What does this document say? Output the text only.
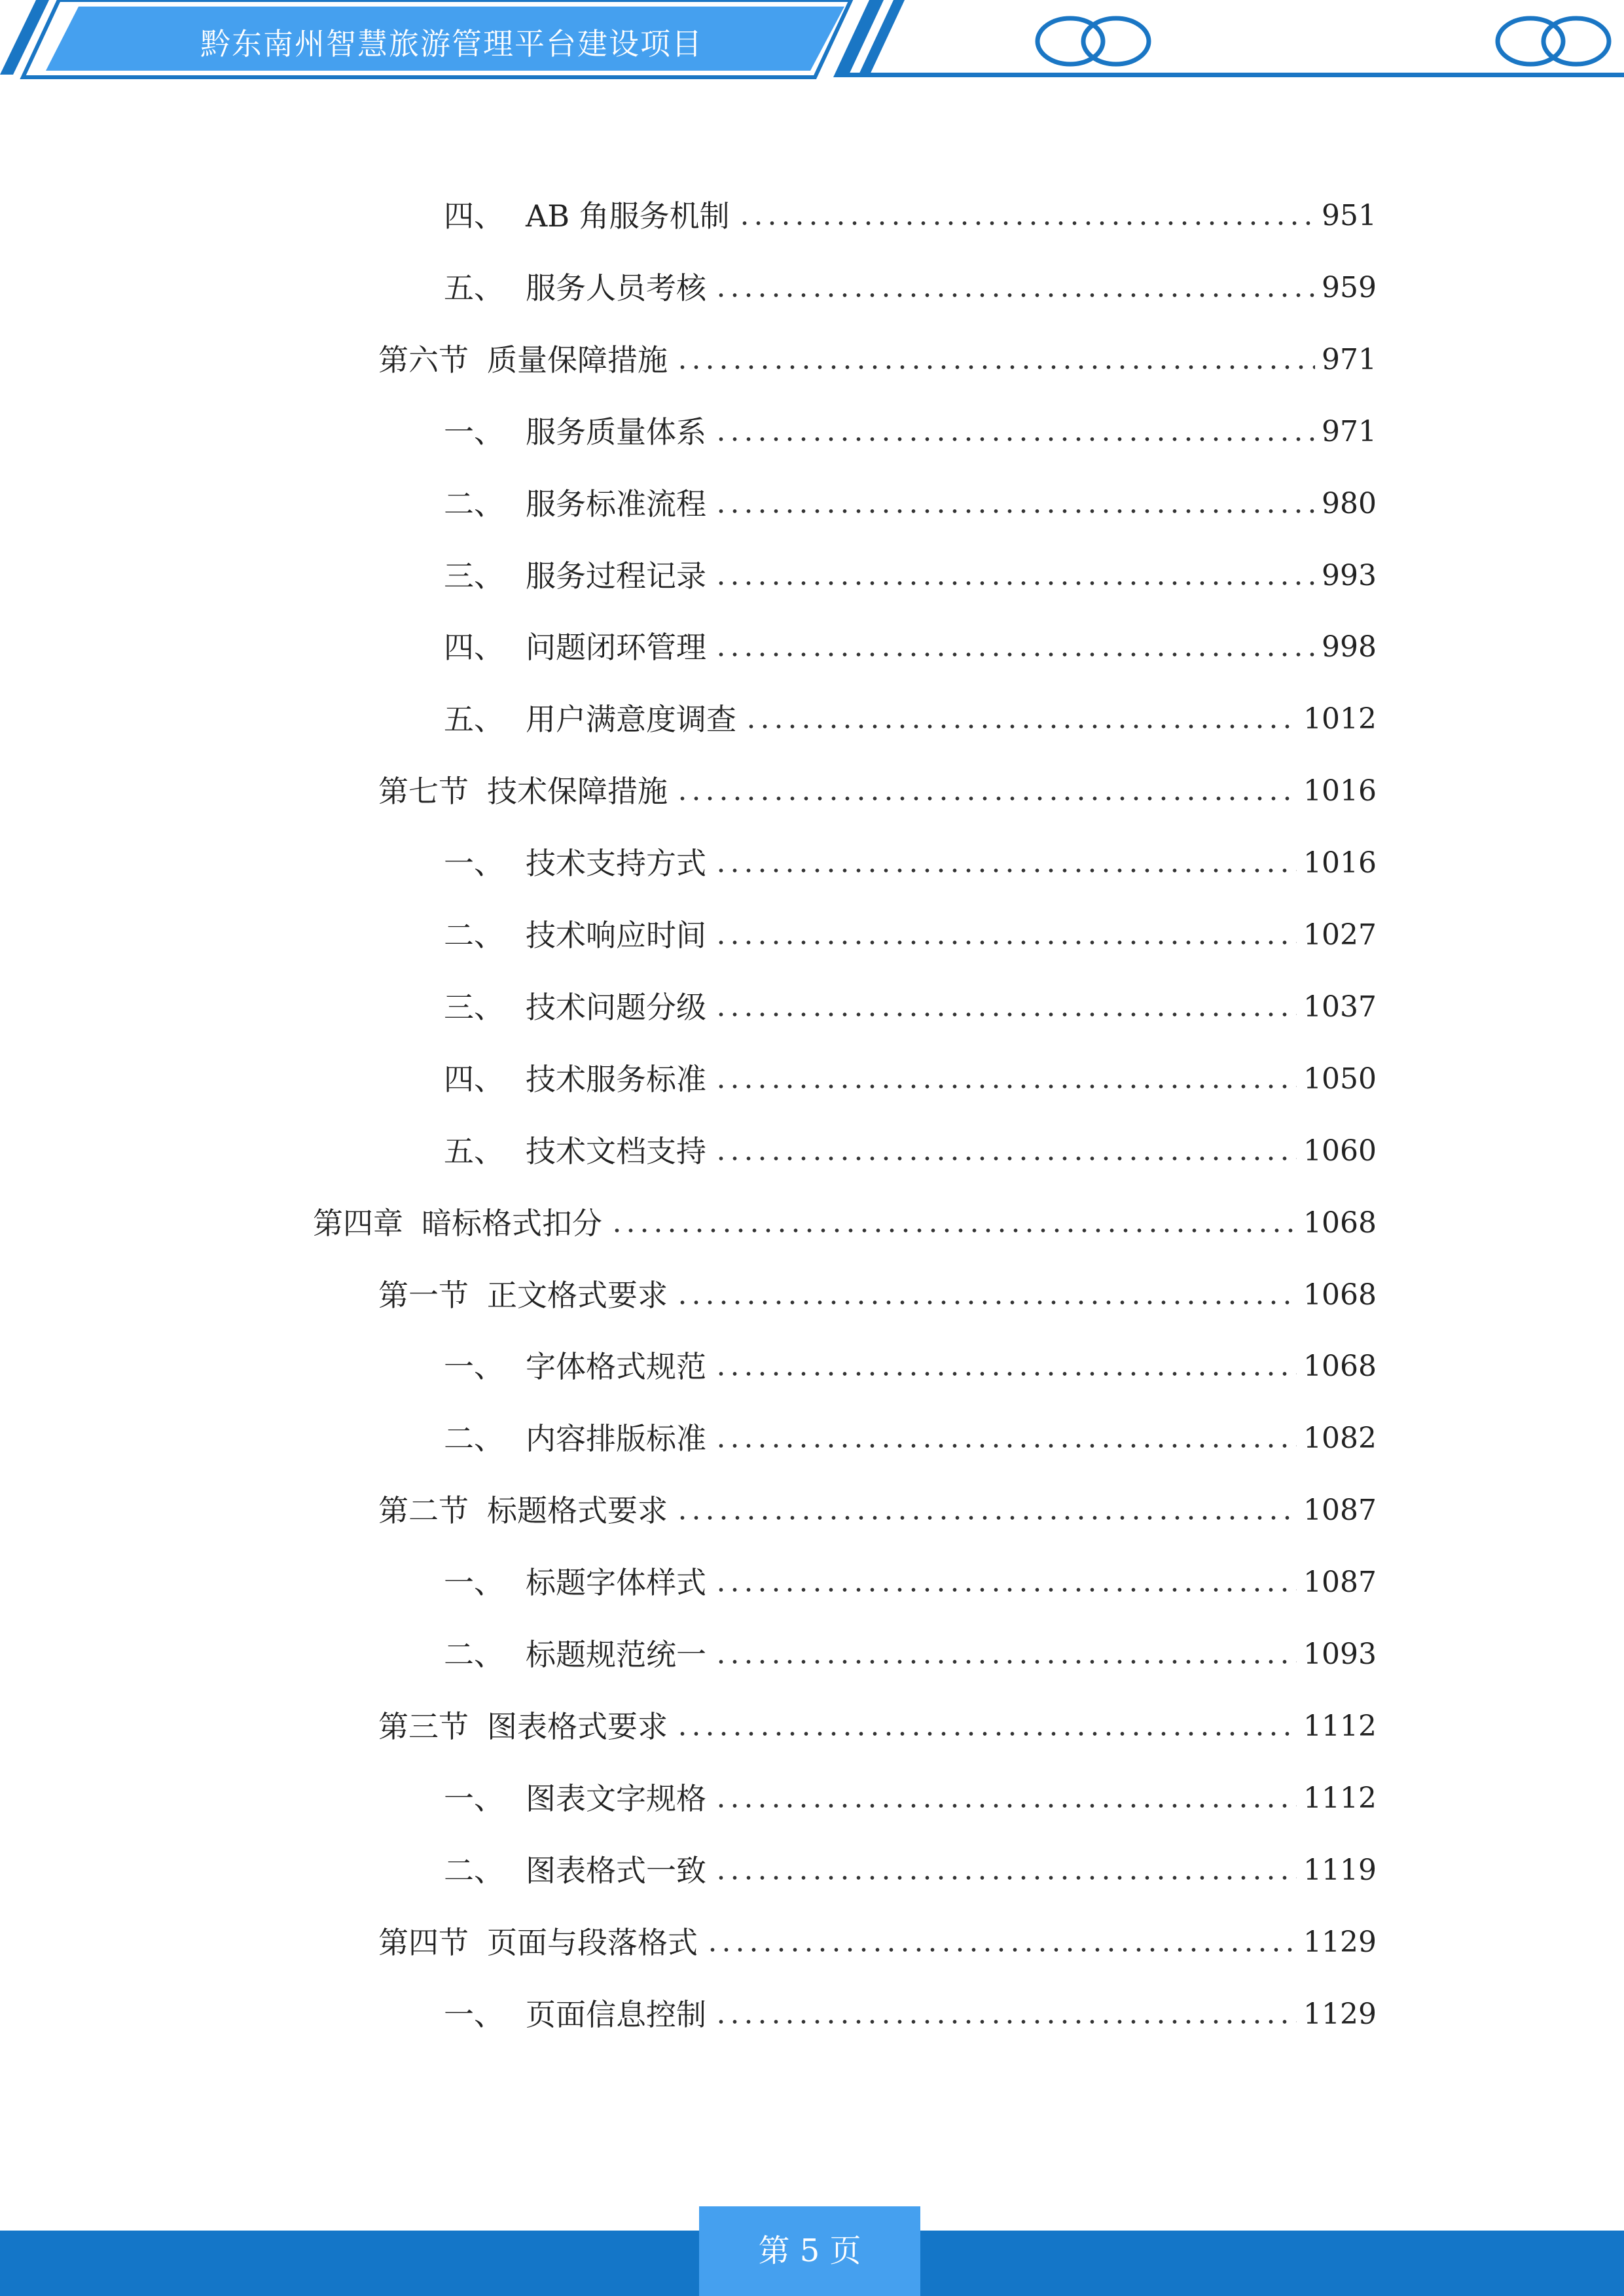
黔东南州智慧旅游管理平台建设项目
四、 AB 角服务机制	951
五、 服务人员考核	959
第六节 质量保障措施	971
一、 服务质量体系	971
二、 服务标准流程	980
三、 服务过程记录	993
四、 问题闭环管理	998
五、 用户满意度调查	1012
第七节 技术保障措施	1016
一、 技术支持方式	1016
二、 技术响应时间	1027
三、 技术问题分级	1037
四、 技术服务标准	1050
五、 技术文档支持	1060
第四章 暗标格式扣分	1068
第一节 正文格式要求	1068
一、 字体格式规范	1068
二、 内容排版标准	1082
第二节 标题格式要求	1087
一、 标题字体样式	1087
二、 标题规范统一	1093
第三节 图表格式要求	1112
一、 图表文字规格	1112
二、 图表格式一致	1119
第四节 页面与段落格式	1129
一、 页面信息控制	1129
第 5 页
